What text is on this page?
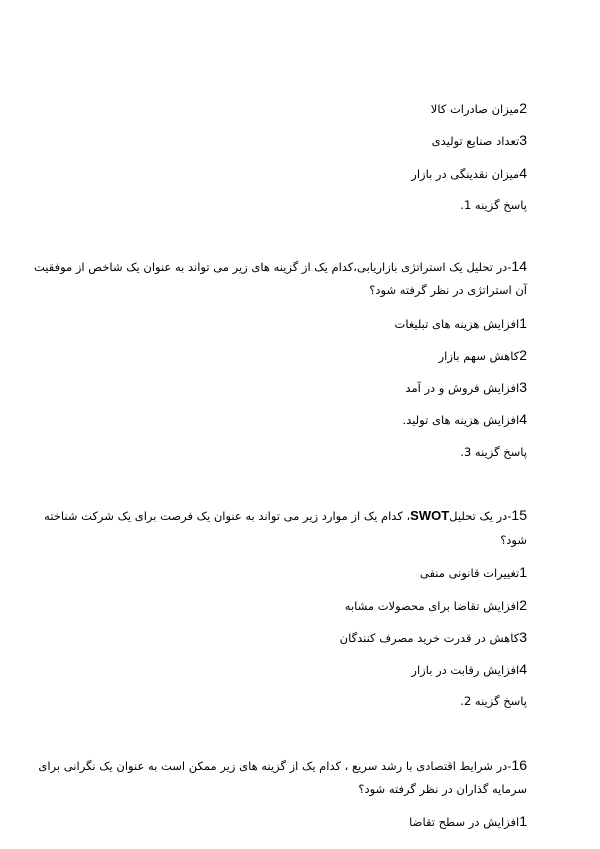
2میزان صادرات کالا
3تعداد صنایع تولیدی
4میزان نقدینگی در بازار
پاسخ گزینه 1.
14-در تحلیل یک استراتژی بازاریابی،کدام یک از گزینه های زیر می تواند به عنوان یک شاخص از موفقیت
آن استراتژی در نظر گرفته شود؟
1افزایش هزینه های تبلیغات
2کاهش سهم بازار
3افزایش فروش و در آمد
4افزایش هزینه های تولید.
پاسخ گزینه 3.
15-در یک تحلیلSWOT، کدام یک از موارد زیر می تواند به عنوان یک فرصت برای یک شرکت شناخته
شود؟
1تغییرات قانونی منفی
2افزایش تقاضا برای محصولات مشابه
3کاهش در قدرت خرید مصرف کنندگان
4افزایش رقابت در بازار
پاسخ گزینه 2.
16-در شرایط اقتصادی با رشد سریع ، کدام یک از گزینه های زیر ممکن است به عنوان یک نگرانی برای
سرمایه گذاران در نظر گرفته شود؟
1افزایش در سطح تقاضا
